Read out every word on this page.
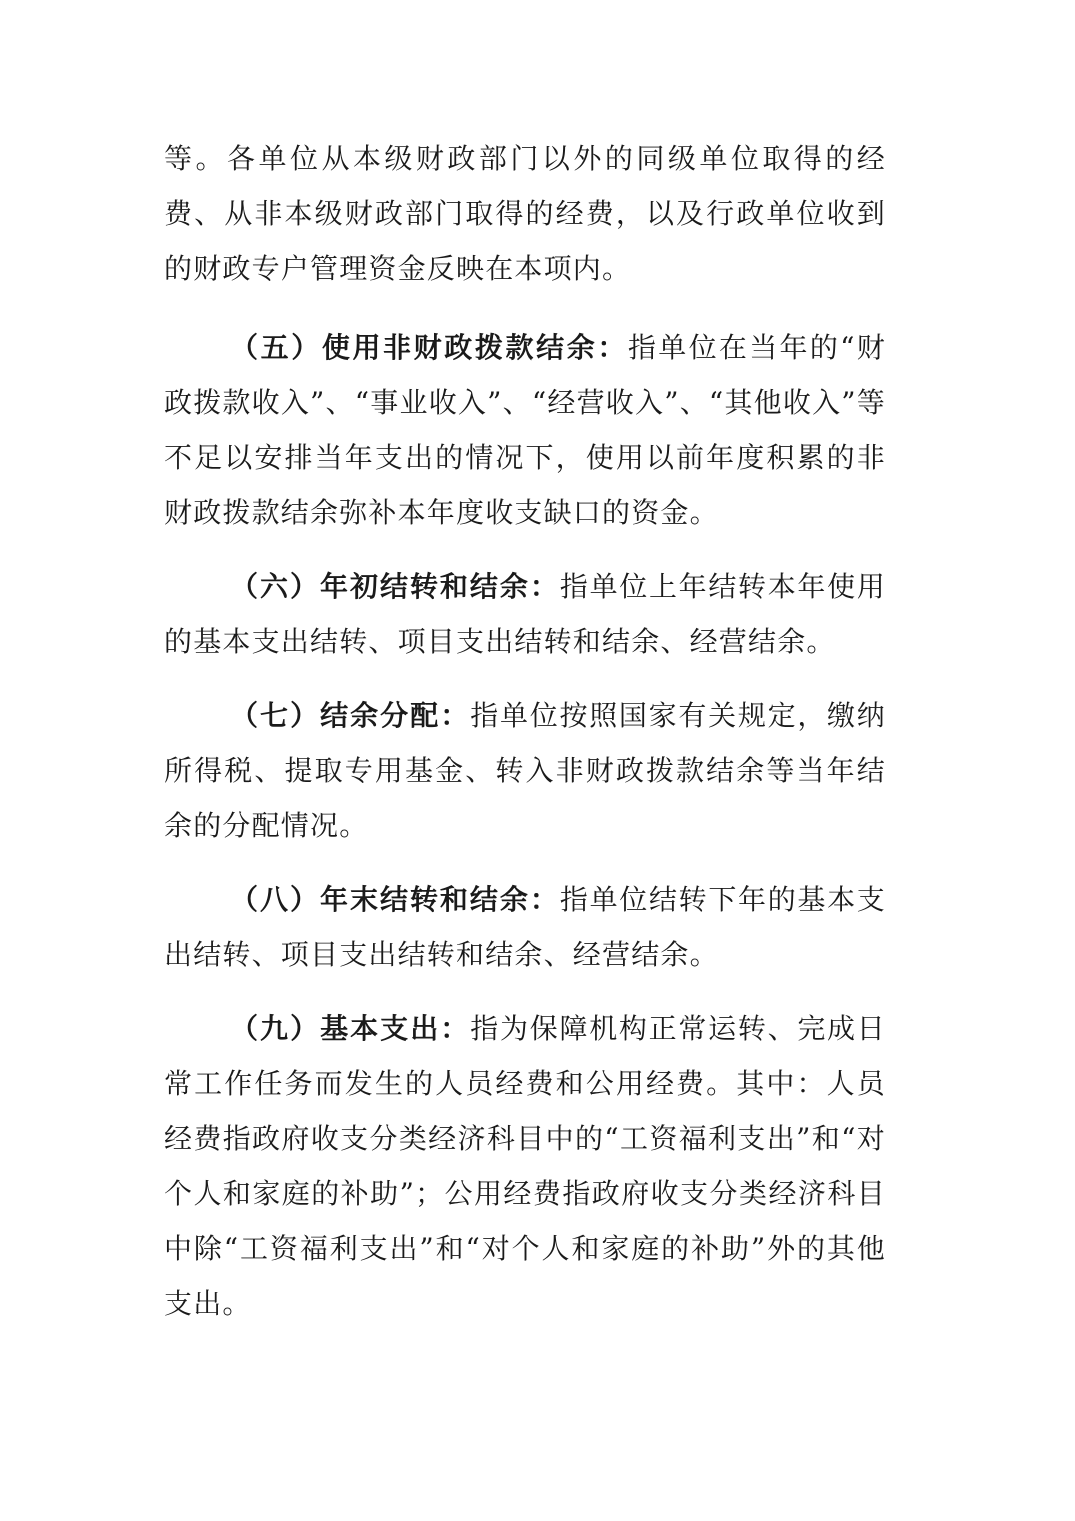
等。各单位从本级财政部门以外的同级单位取得的经费、从非本级财政部门取得的经费，以及行政单位收到的财政专户管理资金反映在本项内。

（五）使用非财政拨款结余：指单位在当年的“财政拨款收入”、“事业收入”、“经营收入”、“其他收入”等不足以安排当年支出的情况下，使用以前年度积累的非财政拨款结余弥补本年度收支缺口的资金。

（六）年初结转和结余：指单位上年结转本年使用的基本支出结转、项目支出结转和结余、经营结余。

（七）结余分配：指单位按照国家有关规定，缴纳所得税、提取专用基金、转入非财政拨款结余等当年结余的分配情况。

（八）年末结转和结余：指单位结转下年的基本支出结转、项目支出结转和结余、经营结余。

（九）基本支出：指为保障机构正常运转、完成日常工作任务而发生的人员经费和公用经费。其中：人员经费指政府收支分类经济科目中的“工资福利支出”和“对个人和家庭的补助”；公用经费指政府收支分类经济科目中除“工资福利支出”和“对个人和家庭的补助”外的其他支出。
